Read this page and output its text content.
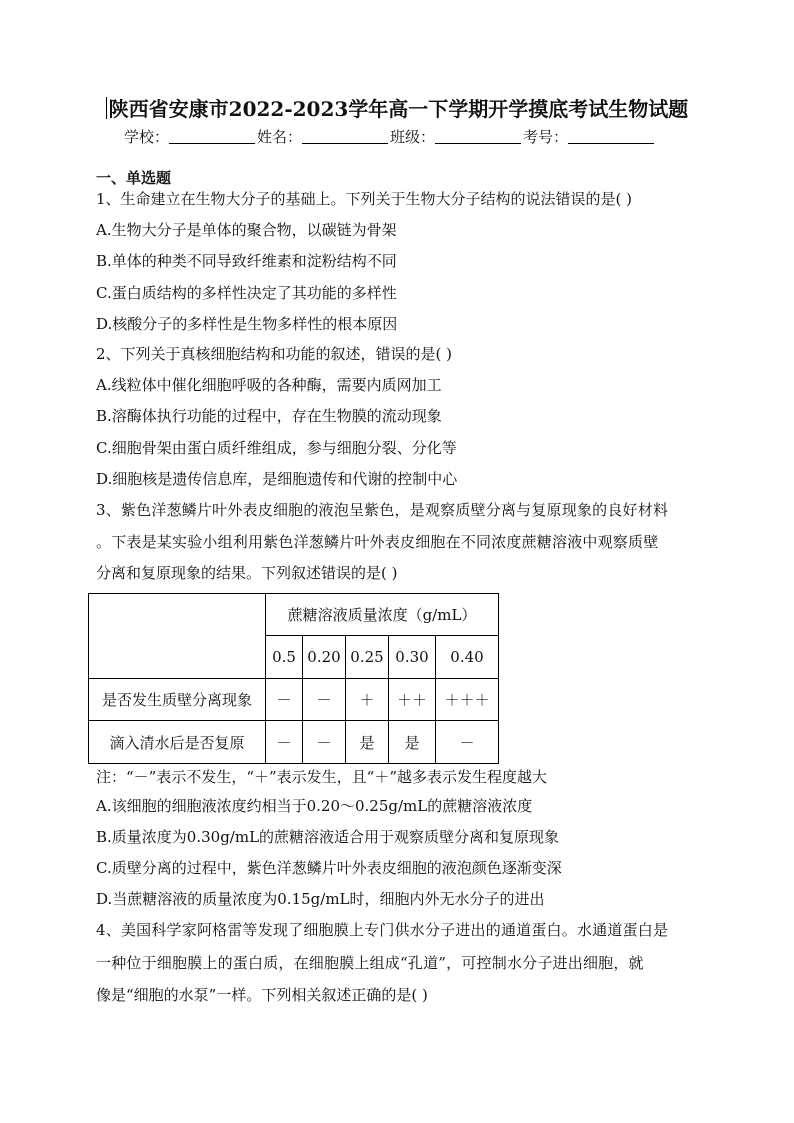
陕西省安康市2022-2023学年高一下学期开学摸底考试生物试题
学校：	姓名：	班级：	考号：
一、单选题
1、生命建立在生物大分子的基础上。下列关于生物大分子结构的说法错误的是( )
A.生物大分子是单体的聚合物，以碳链为骨架
B.单体的种类不同导致纤维素和淀粉结构不同
C.蛋白质结构的多样性决定了其功能的多样性
D.核酸分子的多样性是生物多样性的根本原因
2、下列关于真核细胞结构和功能的叙述，错误的是( )
A.线粒体中催化细胞呼吸的各种酶，需要内质网加工
B.溶酶体执行功能的过程中，存在生物膜的流动现象
C.细胞骨架由蛋白质纤维组成，参与细胞分裂、分化等
D.细胞核是遗传信息库，是细胞遗传和代谢的控制中心
3、紫色洋葱鳞片叶外表皮细胞的液泡呈紫色，是观察质壁分离与复原现象的良好材料
。下表是某实验小组利用紫色洋葱鳞片叶外表皮细胞在不同浓度蔗糖溶液中观察质壁
分离和复原现象的结果。下列叙述错误的是( )
	蔗糖溶液质量浓度（g/mL）				
	0.5	0.20	0.25	0.30	0.40
是否发生质壁分离现象	－	－	＋	＋＋	＋＋＋
滴入清水后是否复原	－	－	是	是	－
注：“－”表示不发生，“＋”表示发生，且“＋”越多表示发生程度越大
A.该细胞的细胞液浓度约相当于0.20～0.25g/mL的蔗糖溶液浓度
B.质量浓度为0.30g/mL的蔗糖溶液适合用于观察质壁分离和复原现象
C.质壁分离的过程中，紫色洋葱鳞片叶外表皮细胞的液泡颜色逐渐变深
D.当蔗糖溶液的质量浓度为0.15g/mL时，细胞内外无水分子的进出
4、美国科学家阿格雷等发现了细胞膜上专门供水分子进出的通道蛋白。水通道蛋白是
一种位于细胞膜上的蛋白质，在细胞膜上组成“孔道”，可控制水分子进出细胞，就
像是“细胞的水泵”一样。下列相关叙述正确的是( )
